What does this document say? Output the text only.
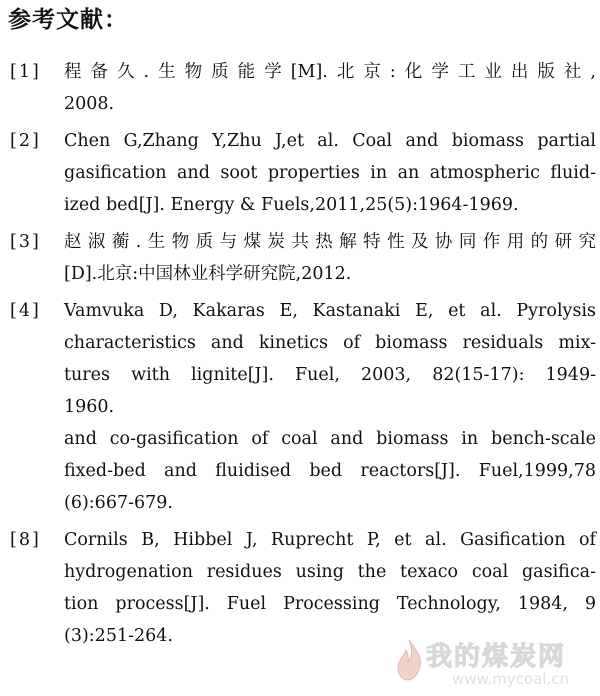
参考文献：
[1] 程备久.生物质能学[M].北京:化学工业出版社,
2008.
[2] Chen G,Zhang Y,Zhu J,et al. Coal and biomass partial
gasification and soot properties in an atmospheric fluid-
ized bed[J]. Energy & Fuels,2011,25(5):1964-1969.
[3] 赵淑蘅.生物质与煤炭共热解特性及协同作用的研究
[D].北京:中国林业科学研究院,2012.
[4] Vamvuka D, Kakaras E, Kastanaki E, et al. Pyrolysis
characteristics and kinetics of biomass residuals mix-
tures with lignite[J]. Fuel, 2003, 82(15-17): 1949-
1960.
and co-gasification of coal and biomass in bench-scale
fixed-bed and fluidised bed reactors[J]. Fuel,1999,78
(6):667-679.
[8] Cornils B, Hibbel J, Ruprecht P, et al. Gasification of
hydrogenation residues using the texaco coal gasifica-
tion process[J]. Fuel Processing Technology, 1984, 9
(3):251-264.
我的煤炭网
www.mycoal.cn
